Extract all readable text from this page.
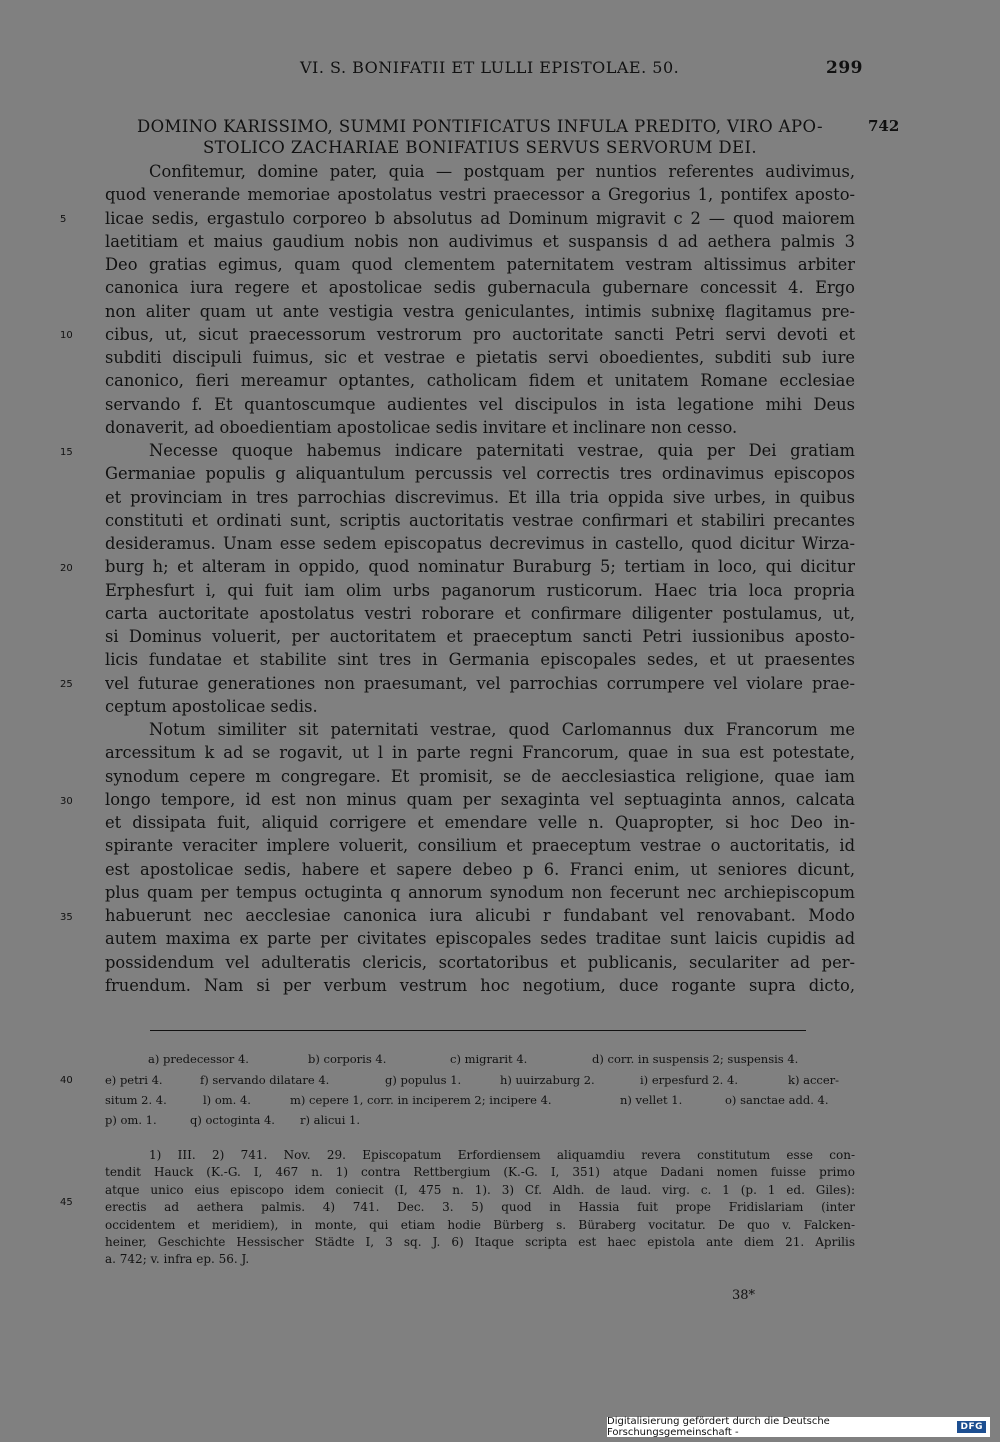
VI. S. BONIFATII ET LULLI EPISTOLAE. 50.	299
DOMINO KARISSIMO, SUMMI PONTIFICATUS INFULA PREDITO, VIRO APO-
STOLICO ZACHARIAE BONIFATIUS SERVUS SERVORUM DEI.
742
Confitemur, domine pater, quia — postquam per nuntios referentes audivimus,
quod venerande memoriae apostolatus vestri praecessor a Gregorius 1, pontifex aposto-
licae sedis, ergastulo corporeo b absolutus ad Dominum migravit c 2 — quod maiorem
laetitiam et maius gaudium nobis non audivimus et suspansis d ad aethera palmis 3
Deo gratias egimus, quam quod clementem paternitatem vestram altissimus arbiter
canonica iura regere et apostolicae sedis gubernacula gubernare concessit 4. Ergo
non aliter quam ut ante vestigia vestra geniculantes, intimis subnixę flagitamus pre-
cibus, ut, sicut praecessorum vestrorum pro auctoritate sancti Petri servi devoti et
subditi discipuli fuimus, sic et vestrae e pietatis servi oboedientes, subditi sub iure
canonico, fieri mereamur optantes, catholicam fidem et unitatem Romane ecclesiae
servando f. Et quantoscumque audientes vel discipulos in ista legatione mihi Deus
donaverit, ad oboedientiam apostolicae sedis invitare et inclinare non cesso.
Necesse quoque habemus indicare paternitati vestrae, quia per Dei gratiam
Germaniae populis g aliquantulum percussis vel correctis tres ordinavimus episcopos
et provinciam in tres parrochias discrevimus. Et illa tria oppida sive urbes, in quibus
constituti et ordinati sunt, scriptis auctoritatis vestrae confirmari et stabiliri precantes
desideramus. Unam esse sedem episcopatus decrevimus in castello, quod dicitur Wirza-
burg h; et alteram in oppido, quod nominatur Buraburg 5; tertiam in loco, qui dicitur
Erphesfurt i, qui fuit iam olim urbs paganorum rusticorum. Haec tria loca propria
carta auctoritate apostolatus vestri roborare et confirmare diligenter postulamus, ut,
si Dominus voluerit, per auctoritatem et praeceptum sancti Petri iussionibus aposto-
licis fundatae et stabilite sint tres in Germania episcopales sedes, et ut praesentes
vel futurae generationes non praesumant, vel parrochias corrumpere vel violare prae-
ceptum apostolicae sedis.
Notum similiter sit paternitati vestrae, quod Carlomannus dux Francorum me
arcessitum k ad se rogavit, ut l in parte regni Francorum, quae in sua est potestate,
synodum cepere m congregare. Et promisit, se de aecclesiastica religione, quae iam
longo tempore, id est non minus quam per sexaginta vel septuaginta annos, calcata
et dissipata fuit, aliquid corrigere et emendare velle n. Quapropter, si hoc Deo in-
spirante veraciter implere voluerit, consilium et praeceptum vestrae o auctoritatis, id
est apostolicae sedis, habere et sapere debeo p 6. Franci enim, ut seniores dicunt,
plus quam per tempus octuginta q annorum synodum non fecerunt nec archiepiscopum
habuerunt nec aecclesiae canonica iura alicubi r fundabant vel renovabant. Modo
autem maxima ex parte per civitates episcopales sedes traditae sunt laicis cupidis ad
possidendum vel adulteratis clericis, scortatoribus et publicanis, seculariter ad per-
fruendum. Nam si per verbum vestrum hoc negotium, duce rogante supra dicto,
5
10
15
20
25
30
35
a) predecessor 4.	b) corporis 4.	c) migrarit 4.	d) corr. in suspensis 2; suspensis 4.
40	e) petri 4.	f) servando dilatare 4.	g) populus 1.	h) uuirzaburg 2.	i) erpesfurd 2. 4.	k) accer-
situm 2. 4.	l) om. 4.	m) cepere 1, corr. in inciperem 2; incipere 4.	n) vellet 1.	o) sanctae add. 4.
p) om. 1.	q) octoginta 4. r) alicui 1.
1) III. 2) 741. Nov. 29. Episcopatum Erfordiensem aliquamdiu revera constitutum esse con-
tendit Hauck (K.-G. I, 467 n. 1) contra Rettbergium (K.-G. I, 351) atque Dadani nomen fuisse primo
atque unico eius episcopo idem coniecit (I, 475 n. 1). 3) Cf. Aldh. de laud. virg. c. 1 (p. 1 ed. Giles):
erectis ad aethera palmis. 4) 741. Dec. 3. 5) quod in Hassia fuit prope Fridislariam (inter
occidentem et meridiem), in monte, qui etiam hodie Bürberg s. Büraberg vocitatur. De quo v. Falcken-
heiner, Geschichte Hessischer Städte I, 3 sq. J. 6) Itaque scripta est haec epistola ante diem 21. Aprilis
a. 742; v. infra ep. 56. J.
45
38*
Digitalisierung gefördert durch die Deutsche Forschungsgemeinschaft -	DFG
